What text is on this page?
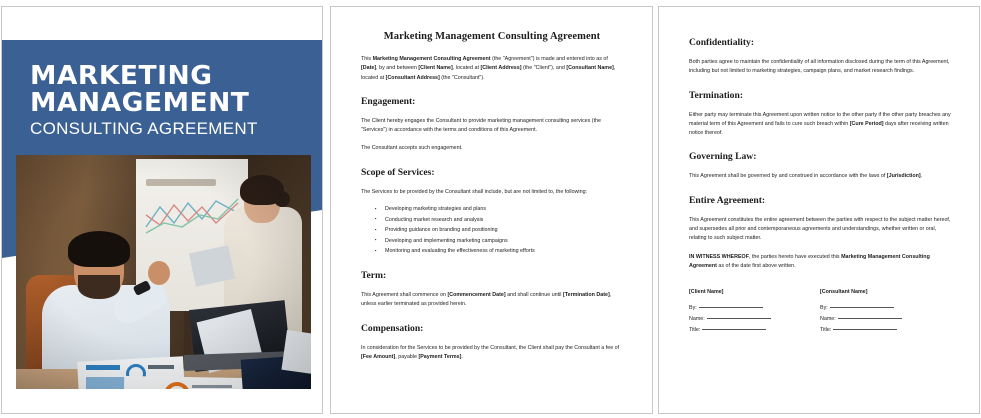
MARKETING
MANAGEMENT
CONSULTING AGREEMENT
Marketing Management Consulting Agreement

This Marketing Management Consulting Agreement (the "Agreement") is made and entered into as of [Date], by and between [Client Name], located at [Client Address] (the "Client"), and [Consultant Name], located at [Consultant Address] (the "Consultant").

Engagement:

The Client hereby engages the Consultant to provide marketing management consulting services (the "Services") in accordance with the terms and conditions of this Agreement.

The Consultant accepts such engagement.

Scope of Services:

The Services to be provided by the Consultant shall include, but are not limited to, the following:

▪ Developing marketing strategies and plans
▪ Conducting market research and analysis
▪ Providing guidance on branding and positioning
▪ Developing and implementing marketing campaigns
▪ Monitoring and evaluating the effectiveness of marketing efforts
Term:

This Agreement shall commence on [Commencement Date] and shall continue until [Termination Date], unless earlier terminated as provided herein.

Compensation:

In consideration for the Services to be provided by the Consultant, the Client shall pay the Consultant a fee of [Fee Amount], payable [Payment Terms].

Confidentiality:

Both parties agree to maintain the confidentiality of all information disclosed during the term of this Agreement, including but not limited to marketing strategies, campaign plans, and market research findings.

Termination:

Either party may terminate this Agreement upon written notice to the other party if the other party breaches any material term of this Agreement and fails to cure such breach within [Cure Period] days after receiving written notice thereof.

Governing Law:

This Agreement shall be governed by and construed in accordance with the laws of [Jurisdiction].

Entire Agreement:

This Agreement constitutes the entire agreement between the parties with respect to the subject matter hereof, and supersedes all prior and contemporaneous agreements and understandings, whether written or oral, relating to such subject matter.

IN WITNESS WHEREOF, the parties hereto have executed this Marketing Management Consulting Agreement as of the date first above written.

[Client Name]
By:
Name:
Title:
[Consultant Name]
By:
Name:
Title:
